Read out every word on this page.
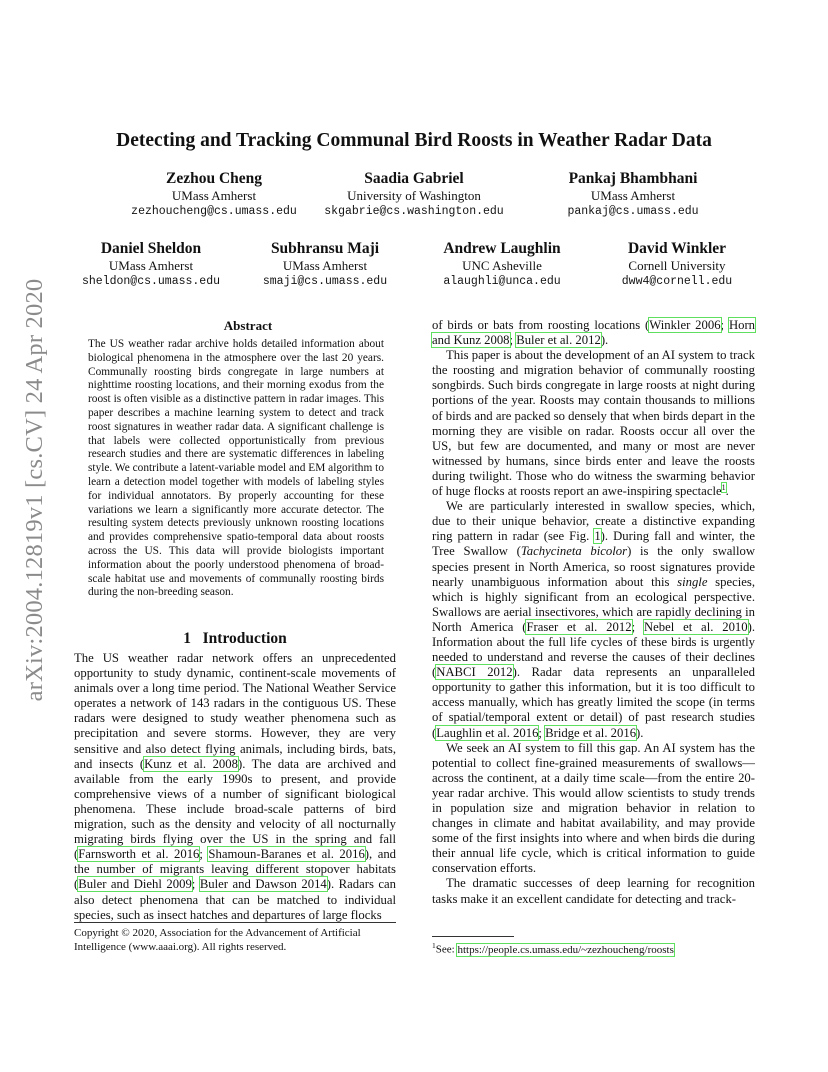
arXiv:2004.12819v1 [cs.CV] 24 Apr 2020
Detecting and Tracking Communal Bird Roosts in Weather Radar Data
Zezhou Cheng
UMass Amherst
zezhoucheng@cs.umass.edu
Saadia Gabriel
University of Washington
skgabrie@cs.washington.edu
Pankaj Bhambhani
UMass Amherst
pankaj@cs.umass.edu
Daniel Sheldon
UMass Amherst
sheldon@cs.umass.edu
Subhransu Maji
UMass Amherst
smaji@cs.umass.edu
Andrew Laughlin
UNC Asheville
alaughli@unca.edu
David Winkler
Cornell University
dww4@cornell.edu
Abstract
The US weather radar archive holds detailed information about biological phenomena in the atmosphere over the last 20 years. Communally roosting birds congregate in large numbers at nighttime roosting locations, and their morning exodus from the roost is often visible as a distinctive pattern in radar images. This paper describes a machine learning system to detect and track roost signatures in weather radar data. A significant challenge is that labels were collected opportunistically from previous research studies and there are systematic differences in labeling style. We contribute a latent-variable model and EM algorithm to learn a detection model together with models of labeling styles for individual annotators. By properly accounting for these variations we learn a significantly more accurate detector. The resulting system detects previously unknown roosting locations and provides comprehensive spatio-temporal data about roosts across the US. This data will provide biologists important information about the poorly understood phenomena of broad-scale habitat use and movements of communally roosting birds during the non-breeding season.
1 Introduction

The US weather radar network offers an unprecedented opportunity to study dynamic, continent-scale movements of animals over a long time period. The National Weather Service operates a network of 143 radars in the contiguous US. These radars were designed to study weather phenomena such as precipitation and severe storms. However, they are very sensitive and also detect flying animals, including birds, bats, and insects (Kunz et al. 2008). The data are archived and available from the early 1990s to present, and provide comprehensive views of a number of significant biological phenomena. These include broad-scale patterns of bird migration, such as the density and velocity of all nocturnally migrating birds flying over the US in the spring and fall (Farnsworth et al. 2016; Shamoun-Baranes et al. 2016), and the number of migrants leaving different stopover habitats (Buler and Diehl 2009; Buler and Dawson 2014). Radars can also detect phenomena that can be matched to individual species, such as insect hatches and departures of large flocks

Copyright © 2020, Association for the Advancement of Artificial Intelligence (www.aaai.org). All rights reserved.

of birds or bats from roosting locations (Winkler 2006; Horn and Kunz 2008; Buler et al. 2012).

This paper is about the development of an AI system to track the roosting and migration behavior of communally roosting songbirds. Such birds congregate in large roosts at night during portions of the year. Roosts may contain thousands to millions of birds and are packed so densely that when birds depart in the morning they are visible on radar. Roosts occur all over the US, but few are documented, and many or most are never witnessed by humans, since birds enter and leave the roosts during twilight. Those who do witness the swarming behavior of huge flocks at roosts report an awe-inspiring spectacle$^1$.

We are particularly interested in swallow species, which, due to their unique behavior, create a distinctive expanding ring pattern in radar (see Fig. 1). During fall and winter, the Tree Swallow (Tachycineta bicolor) is the only swallow species present in North America, so roost signatures provide nearly unambiguous information about this single species, which is highly significant from an ecological perspective. Swallows are aerial insectivores, which are rapidly declining in North America (Fraser et al. 2012; Nebel et al. 2010). Information about the full life cycles of these birds is urgently needed to understand and reverse the causes of their declines (NABCI 2012). Radar data represents an unparalleled opportunity to gather this information, but it is too difficult to access manually, which has greatly limited the scope (in terms of spatial/temporal extent or detail) of past research studies (Laughlin et al. 2016; Bridge et al. 2016).

We seek an AI system to fill this gap. An AI system has the potential to collect fine-grained measurements of swallows—across the continent, at a daily time scale—from the entire 20-year radar archive. This would allow scientists to study trends in population size and migration behavior in relation to changes in climate and habitat availability, and may provide some of the first insights into where and when birds die during their annual life cycle, which is critical information to guide conservation efforts.

The dramatic successes of deep learning for recognition tasks make it an excellent candidate for detecting and track-

$^1$See: https://people.cs.umass.edu/~zezhoucheng/roosts
